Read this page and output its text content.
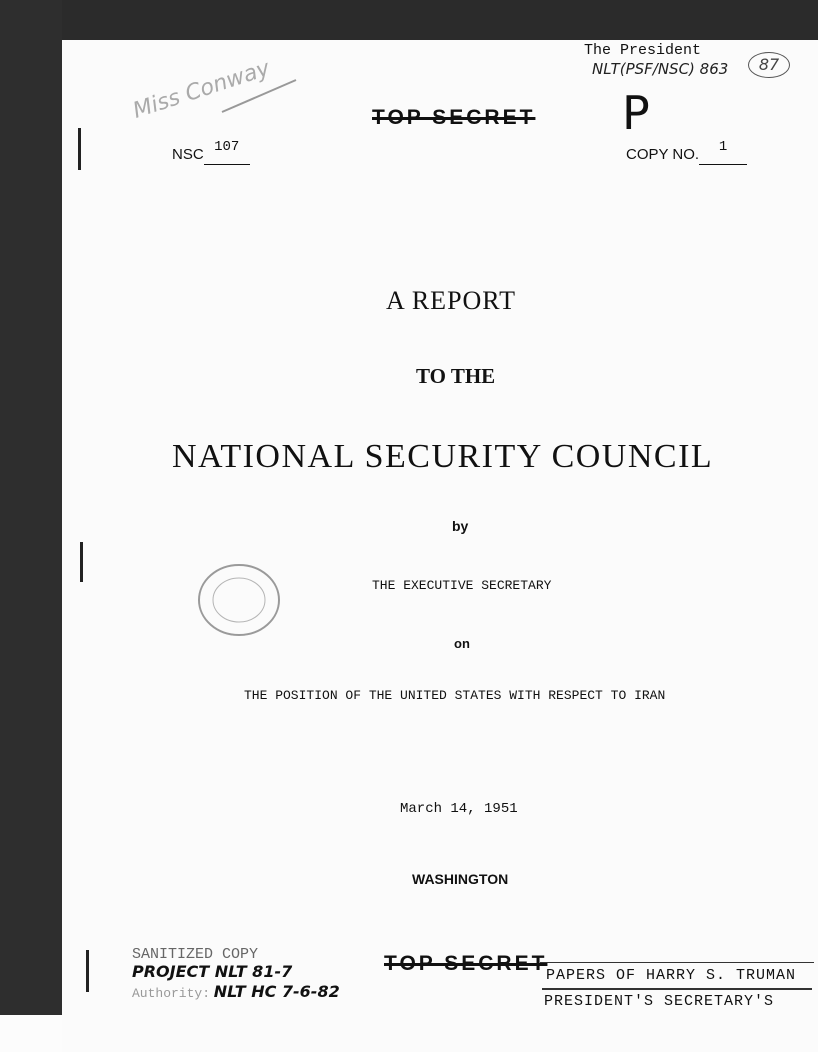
The President
NLT(PSF/NSC) 863	87
Miss Conway	P
TOP SECRET
NSC 107	COPY NO. 1
A REPORT
TO THE
NATIONAL SECURITY COUNCIL
by
THE EXECUTIVE SECRETARY
on
THE POSITION OF THE UNITED STATES WITH RESPECT TO IRAN
March 14, 1951
WASHINGTON
SANITIZED COPY
PROJECT NLT 81-7
Authority: NLT HC 7-6-82
TOP SECRET
PAPERS OF HARRY S. TRUMAN
PRESIDENT'S SECRETARY'S
